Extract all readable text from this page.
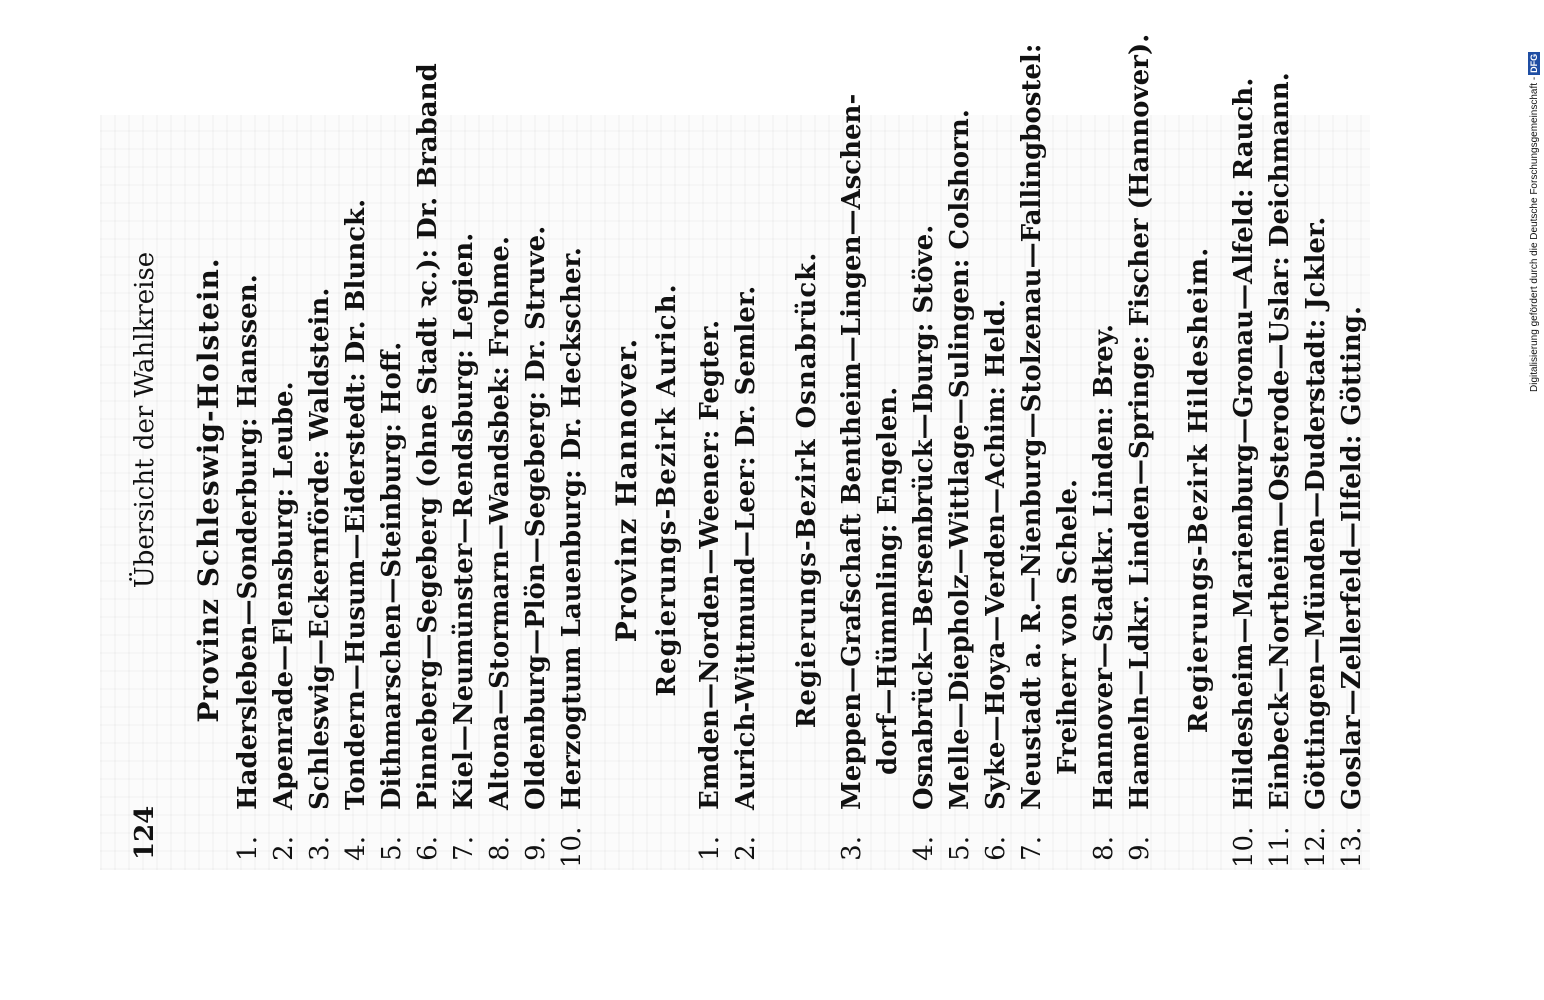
124
Übersicht der Wahlkreise Provinz Schleswig-Holstein.
1.
Hadersleben—Sonderburg: Hanssen.
2.
Apenrade—Flensburg: Leube.
3.
Schleswig—Eckernförde: Waldstein.
4.
Tondern—Husum—Eiderstedt: Dr. Blunck.
5.
Dithmarschen—Steinburg: Hoff.
6.
Pinneberg—Segeberg (ohne Stadt ꝛc.): Dr. Braband
7.
Kiel—Neumünster—Rendsburg: Legien.
8.
Altona—Stormarn—Wandsbek: Frohme.
9.
Oldenburg—Plön—Segeberg: Dr. Struve.
10.
Herzogtum Lauenburg: Dr. Heckscher. Provinz Hannover. Regierungs-Bezirk Aurich.
1.
Emden—Norden—Weener: Fegter.
2.
Aurich-Wittmund—Leer: Dr. Semler. Regierungs-Bezirk Osnabrück.
3.
Meppen—Grafschaft Bentheim—Lingen—Aschen- dorf—Hümmling: Engelen.
4.
Osnabrück—Bersenbrück—Iburg: Stöve.
5.
Melle—Diepholz—Wittlage—Sulingen: Colshorn.
6.
Syke—Hoya—Verden—Achim: Held.
7.
Neustadt a. R.—Nienburg—Stolzenau—Fallingbostel: Freiherr von Schele.
8.
Hannover—Stadtkr. Linden: Brey.
9.
Hameln—Ldkr. Linden—Springe: Fischer (Hannover). Regierungs-Bezirk Hildesheim.
10.
Hildesheim—Marienburg—Gronau—Alfeld: Rauch.
11.
Einbeck—Northeim—Osterode—Uslar: Deichmann.
12.
Göttingen—Münden—Duderstadt: Jckler.
13.
Goslar—Zellerfeld—Ilfeld: Götting.
Digitalisierung gefördert durch die Deutsche Forschungsgemeinschaft -DFG
